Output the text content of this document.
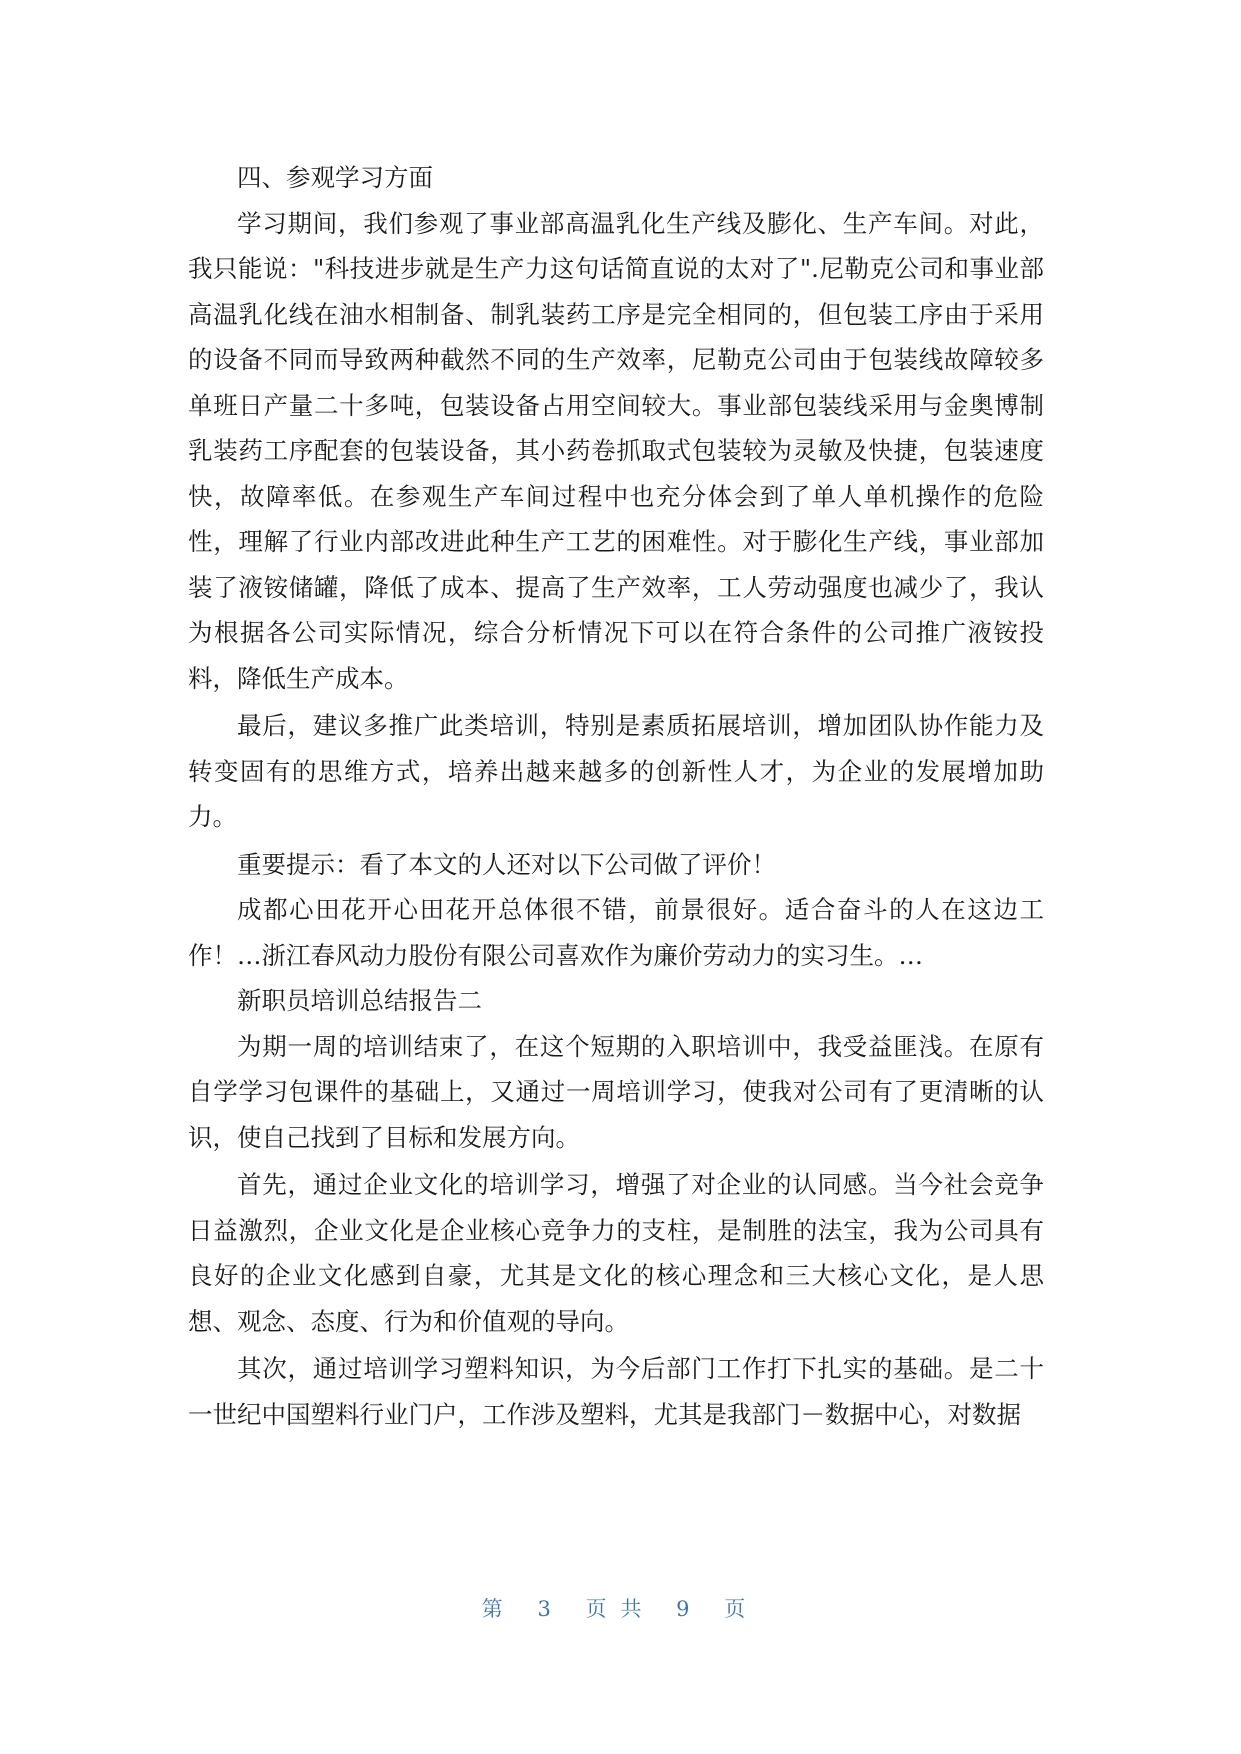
四、参观学习方面

学习期间，我们参观了事业部高温乳化生产线及膨化、生产车间。对此，我只能说："科技进步就是生产力这句话简直说的太对了".尼勒克公司和事业部高温乳化线在油水相制备、制乳装药工序是完全相同的，但包装工序由于采用的设备不同而导致两种截然不同的生产效率，尼勒克公司由于包装线故障较多单班日产量二十多吨，包装设备占用空间较大。事业部包装线采用与金奥博制乳装药工序配套的包装设备，其小药卷抓取式包装较为灵敏及快捷，包装速度快，故障率低。在参观生产车间过程中也充分体会到了单人单机操作的危险性，理解了行业内部改进此种生产工艺的困难性。对于膨化生产线，事业部加装了液铵储罐，降低了成本、提高了生产效率，工人劳动强度也减少了，我认为根据各公司实际情况，综合分析情况下可以在符合条件的公司推广液铵投料，降低生产成本。

最后，建议多推广此类培训，特别是素质拓展培训，增加团队协作能力及转变固有的思维方式，培养出越来越多的创新性人才，为企业的发展增加助力。

重要提示：看了本文的人还对以下公司做了评价！

成都心田花开心田花开总体很不错，前景很好。适合奋斗的人在这边工作！…浙江春风动力股份有限公司喜欢作为廉价劳动力的实习生。…

新职员培训总结报告二

为期一周的培训结束了，在这个短期的入职培训中，我受益匪浅。在原有自学学习包课件的基础上，又通过一周培训学习，使我对公司有了更清晰的认识，使自己找到了目标和发展方向。

首先，通过企业文化的培训学习，增强了对企业的认同感。当今社会竞争日益激烈，企业文化是企业核心竞争力的支柱，是制胜的法宝，我为公司具有良好的企业文化感到自豪，尤其是文化的核心理念和三大核心文化，是人思想、观念、态度、行为和价值观的导向。

其次，通过培训学习塑料知识，为今后部门工作打下扎实的基础。是二十一世纪中国塑料行业门户，工作涉及塑料，尤其是我部门－数据中心，对数据

第 3 页共 9 页
